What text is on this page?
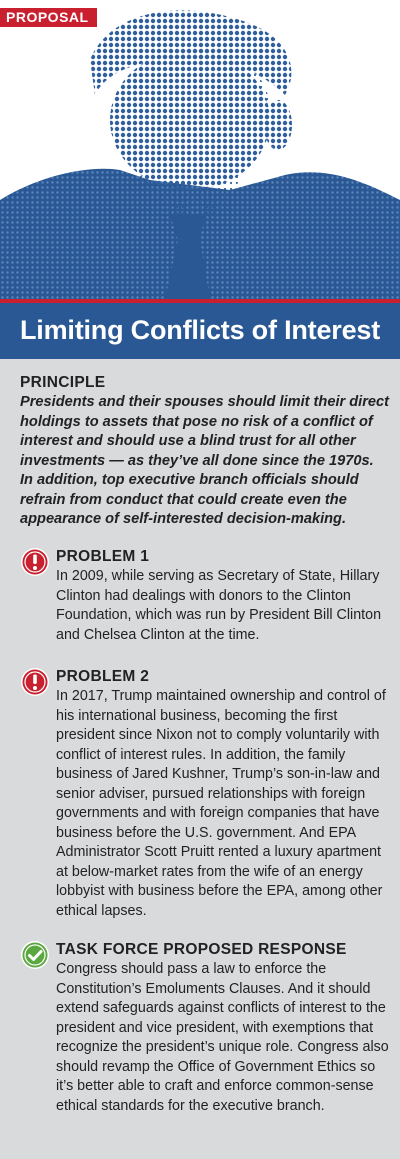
PROPOSAL
Limiting Conflicts of Interest
PRINCIPLE
Presidents and their spouses should limit their direct holdings to assets that pose no risk of a conflict of interest and should use a blind trust for all other investments — as they’ve all done since the 1970s. In addition, top executive branch officials should refrain from conduct that could create even the appearance of self-interested decision-making.
PROBLEM 1
In 2009, while serving as Secretary of State, Hillary Clinton had dealings with donors to the Clinton Foundation, which was run by President Bill Clinton and Chelsea Clinton at the time.
PROBLEM 2
In 2017, Trump maintained ownership and control of his international business, becoming the first president since Nixon not to comply voluntarily with conflict of interest rules. In addition, the family business of Jared Kushner, Trump’s son-in-law and senior adviser, pursued relationships with foreign governments and with foreign companies that have business before the U.S. government. And EPA Administrator Scott Pruitt rented a luxury apartment at below-market rates from the wife of an energy lobbyist with business before the EPA, among other ethical lapses.
TASK FORCE PROPOSED RESPONSE
Congress should pass a law to enforce the Constitution’s Emoluments Clauses. And it should extend safeguards against conflicts of interest to the president and vice president, with exemptions that recognize the president’s unique role. Congress also should revamp the Office of Government Ethics so it’s better able to craft and enforce common-sense ethical standards for the executive branch.
